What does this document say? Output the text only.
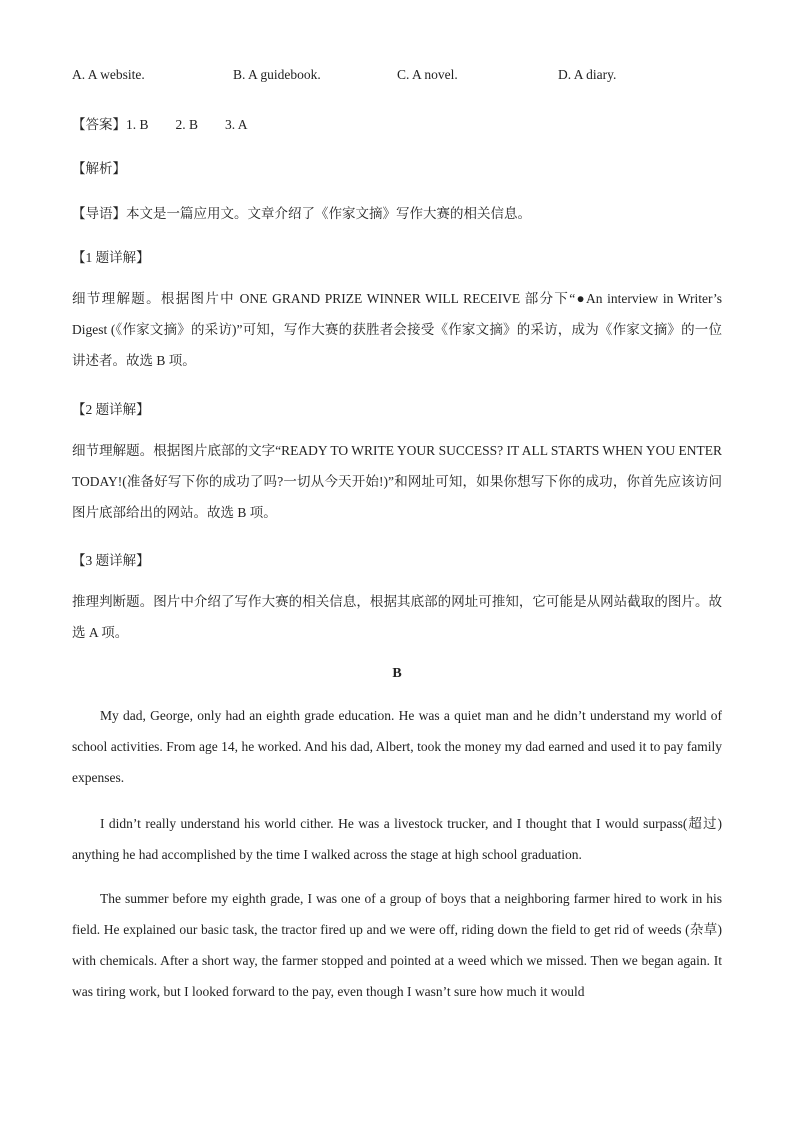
A. A website.	B. A guidebook.	C. A novel.	D. A diary.
【答案】1. B        2. B        3. A
【解析】
【导语】本文是一篇应用文。文章介绍了《作家文摘》写作大赛的相关信息。
【1 题详解】
细节理解题。根据图片中 ONE GRAND PRIZE WINNER WILL RECEIVE 部分下“●An interview in Writer’s Digest (《作家文摘》的采访)”可知，写作大赛的获胜者会接受《作家文摘》的采访，成为《作家文摘》的一位讲述者。故选 B 项。
【2 题详解】
细节理解题。根据图片底部的文字“READY TO WRITE YOUR SUCCESS? IT ALL STARTS WHEN YOU ENTER TODAY!(准备好写下你的成功了吗?一切从今天开始!)”和网址可知，如果你想写下你的成功，你首先应该访问图片底部给出的网站。故选 B 项。
【3 题详解】
推理判断题。图片中介绍了写作大赛的相关信息，根据其底部的网址可推知，它可能是从网站截取的图片。故选 A 项。
B
My dad, George, only had an eighth grade education. He was a quiet man and he didn’t understand my world of school activities. From age 14, he worked. And his dad, Albert, took the money my dad earned and used it to pay family expenses.
I didn’t really understand his world cither. He was a livestock trucker, and I thought that I would surpass(超过) anything he had accomplished by the time I walked across the stage at high school graduation.
The summer before my eighth grade, I was one of a group of boys that a neighboring farmer hired to work in his field. He explained our basic task, the tractor fired up and we were off, riding down the field to get rid of weeds (杂草) with chemicals. After a short way, the farmer stopped and pointed at a weed which we missed. Then we began again. It was tiring work, but I looked forward to the pay, even though I wasn’t sure how much it would
